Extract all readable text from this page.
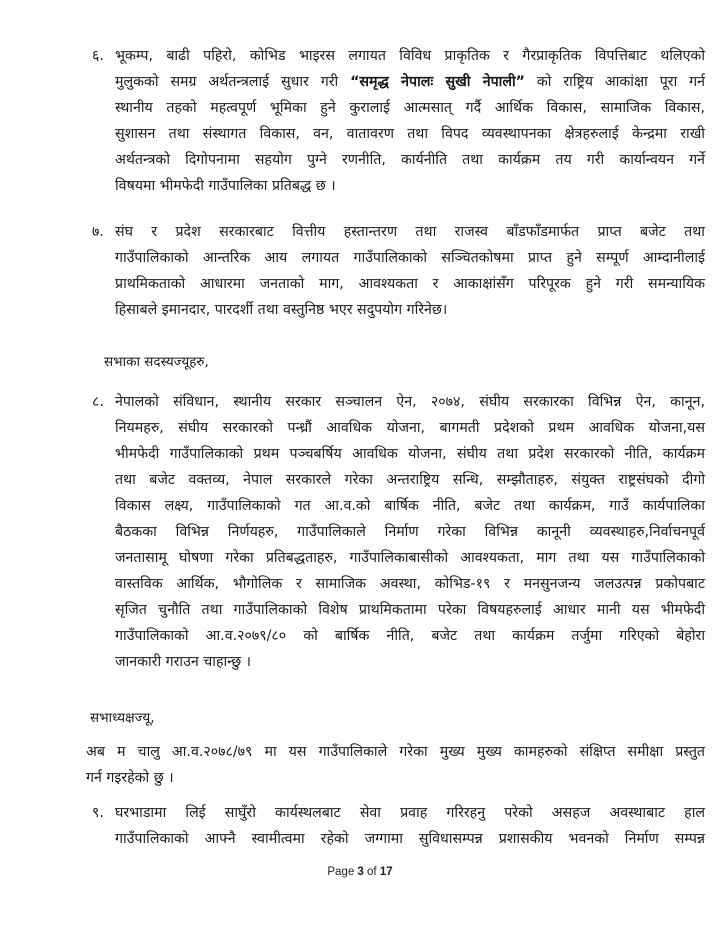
६. भूकम्प, बाढी पहिरो, कोभिड भाइरस लगायत विविध प्राकृतिक र गैरप्राकृतिक विपत्तिबाट थलिएको
मुलुकको समग्र अर्थतन्त्रलाई सुधार गरी “समृद्ध नेपालः सुखी नेपाली” को राष्ट्रिय आकांक्षा पूरा गर्न
स्थानीय तहको महत्वपूर्ण भूमिका हुने कुरालाई आत्मसात् गर्दै आर्थिक विकास, सामाजिक विकास,
सुशासन तथा संस्थागत विकास, वन, वातावरण तथा विपद व्यवस्थापनका क्षेत्रहरुलाई केन्द्रमा राखी
अर्थतन्त्रको दिगोपनामा सहयोग पुग्ने रणनीति, कार्यनीति तथा कार्यक्रम तय गरी कार्यान्वयन गर्ने
विषयमा भीमफेदी गाउँपालिका प्रतिबद्ध छ ।
७. संघ र प्रदेश सरकारबाट वित्तीय हस्तान्तरण तथा राजस्व बाँडफाँडमार्फत प्राप्त बजेट तथा
गाउँपालिकाको आन्तरिक आय लगायत गाउँपालिकाको सञ्चितकोषमा प्राप्त हुने सम्पूर्ण आम्दानीलाई
प्राथमिकताको आधारमा जनताको माग, आवश्यकता र आकाक्षांसँग परिपूरक हुने गरी समन्यायिक
हिसाबले इमानदार, पारदर्शी तथा वस्तुनिष्ठ भएर सदुपयोग गरिनेछ।
सभाका सदस्यज्यूहरु,
८. नेपालको संविधान, स्थानीय सरकार सञ्चालन ऐन, २०७४, संघीय सरकारका विभिन्न ऐन, कानून,
नियमहरु, संघीय सरकारको पन्ध्रौं आवधिक योजना, बागमती प्रदेशको प्रथम आवधिक योजना,यस
भीमफेदी गाउँपालिकाको प्रथम पञ्चबर्षिय आवधिक योजना, संघीय तथा प्रदेश सरकारको नीति, कार्यक्रम
तथा बजेट वक्तव्य, नेपाल सरकारले गरेका अन्तराष्ट्रिय सन्धि, सम्झौताहरु, संयुक्त राष्ट्रसंघको दीगो
विकास लक्ष्य, गाउँपालिकाको गत आ.व.को बार्षिक नीति, बजेट तथा कार्यक्रम, गाउँ कार्यपालिका
बैठकका विभिन्न निर्णयहरु, गाउँपालिकाले निर्माण गरेका विभिन्न कानूनी व्यवस्थाहरु,निर्वाचनपूर्व
जनतासामू घोषणा गरेका प्रतिबद्धताहरु, गाउँपालिकाबासीको आवश्यकता, माग तथा यस गाउँपालिकाको
वास्तविक आर्थिक, भौगोलिक र सामाजिक अवस्था, कोभिड-१९ र मनसुनजन्य जलउत्पन्न प्रकोपबाट
सृजित चुनौति तथा गाउँपालिकाको विशेष प्राथमिकतामा परेका विषयहरुलाई आधार मानी यस भीमफेदी
गाउँपालिकाको आ.व.२०७९/८० को बार्षिक नीति, बजेट तथा कार्यक्रम तर्जुमा गरिएको बेहोरा
जानकारी गराउन चाहान्छु ।
सभाध्यक्षज्यू,
अब म चालु आ.व.२०७८/७९ मा यस गाउँपालिकाले गरेका मुख्य मुख्य कामहरुको संक्षिप्त समीक्षा प्रस्तुत
गर्न गइरहेको छु ।
९. घरभाडामा लिई साघुँरो कार्यस्थलबाट सेवा प्रवाह गरिरहनु परेको असहज अवस्थाबाट हाल
गाउँपालिकाको आफ्नै स्वामीत्वमा रहेको जग्गामा सुविधासम्पन्न प्रशासकीय भवनको निर्माण सम्पन्न
Page 3 of 17
